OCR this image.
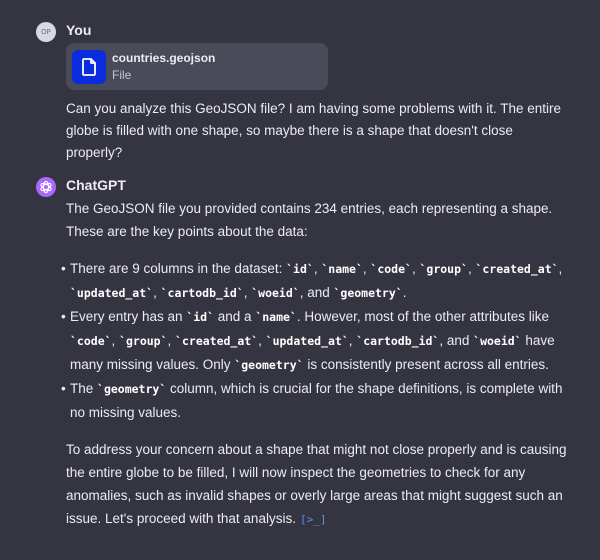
OP	You
countries.geojson
File
Can you analyze this GeoJSON file? I am having some problems with it. The entire globe is filled with one shape, so maybe there is a shape that doesn't close properly?
ChatGPT

The GeoJSON file you provided contains 234 entries, each representing a shape. These are the key points about the data:

• There are 9 columns in the dataset: `id`, `name`, `code`, `group`, `created_at`, `updated_at`, `cartodb_id`, `woeid`, and `geometry`.
• Every entry has an `id` and a `name`. However, most of the other attributes like `code`, `group`, `created_at`, `updated_at`, `cartodb_id`, and `woeid` have many missing values. Only `geometry` is consistently present across all entries.
• The `geometry` column, which is crucial for the shape definitions, is complete with no missing values.

To address your concern about a shape that might not close properly and is causing the entire globe to be filled, I will now inspect the geometries to check for any anomalies, such as invalid shapes or overly large areas that might suggest such an issue. Let's proceed with that analysis. [>_]
